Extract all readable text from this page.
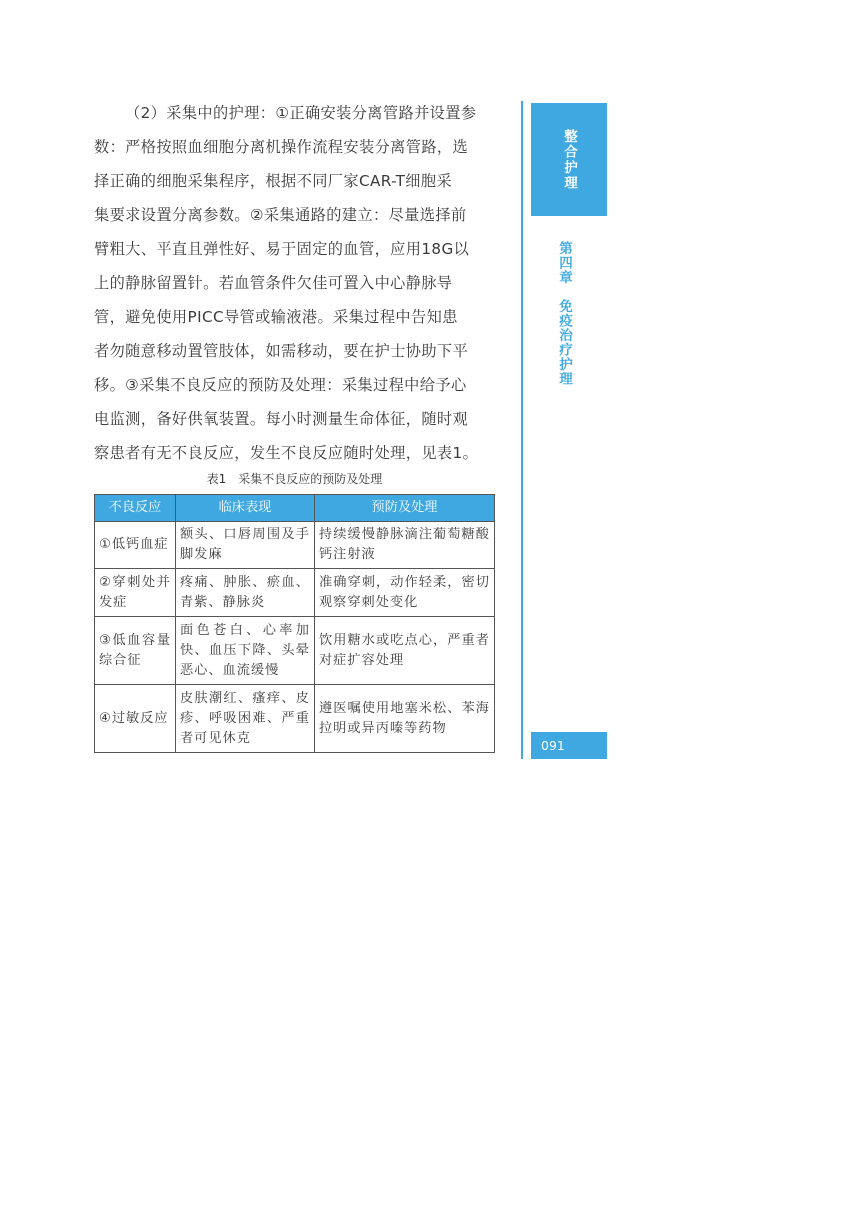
（2）采集中的护理：①正确安装分离管路并设置参

数：严格按照血细胞分离机操作流程安装分离管路，选

择正确的细胞采集程序，根据不同厂家CAR-T细胞采

集要求设置分离参数。②采集通路的建立：尽量选择前

臂粗大、平直且弹性好、易于固定的血管，应用18G以

上的静脉留置针。若血管条件欠佳可置入中心静脉导

管，避免使用PICC导管或输液港。采集过程中告知患

者勿随意移动置管肢体，如需移动，要在护士协助下平

移。③采集不良反应的预防及处理：采集过程中给予心

电监测，备好供氧装置。每小时测量生命体征，随时观

察患者有无不良反应，发生不良反应随时处理，见表1。

表1　采集不良反应的预防及处理
不良反应	临床表现	预防及处理
①低钙血症	额头、口唇周围及手脚发麻	持续缓慢静脉滴注葡萄糖酸钙注射液
②穿刺处并发症	疼痛、肿胀、瘀血、青紫、静脉炎	准确穿刺，动作轻柔，密切观察穿刺处变化
③低血容量综合征	面色苍白、心率加快、血压下降、头晕恶心、血流缓慢	饮用糖水或吃点心，严重者对症扩容处理
④过敏反应	皮肤潮红、瘙痒、皮疹、呼吸困难、严重者可见休克	遵医嘱使用地塞米松、苯海拉明或异丙嗪等药物
整合护理
第四章　免疫治疗护理
091
